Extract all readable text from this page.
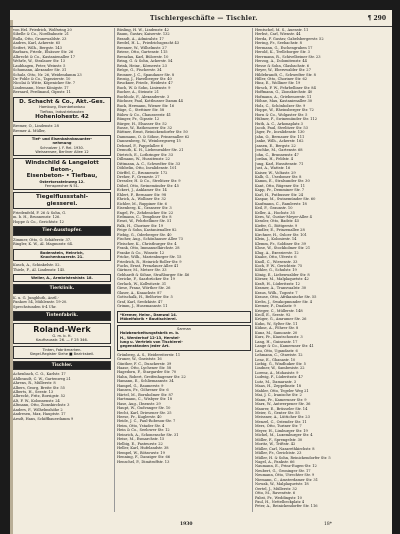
Tischlergeschäfte — Tischler.	¶ 290
von Hel. Friedrich, Wolfsring 20
Sibelle & Co., Nordbahnstr. 21
Bulla, Otto, Grunewaldstr. 23
Andres, Karl, Ackerstr. 65
Seifert, Wilh., Bergstr. 143
Barbara, Friedr., Elsässer Str. 26
Albrecht & Co., Kastanienallee 17
Wehrle, W., Stralauer Str. 13
Laubhagen, Peter, Weinstr. 5
Schumann, Alexander Str. 31
Schulz, Otto, Nr. 26, Weidendamm 23
Dr.-Pohle & Co., Tapezierstr. 10
Nicolai & Witte, Köpenicker Str. 7
Lindemann, Neue Königstr. 17
Bernard, Ferdinand, Gipsstr. 11
D. Schacht & Co., Akt.-Ges.
Hamburg, Eisenbetonbau
Tiefbau, Industriebauten
Hohenlohestr. 42
Bremer, O., Lindenstr. 28
Bremer A. Müller,
Tief- und Eisenbahnbauunter-
nehmung
Schnalzer J. F. Rei. 1930.
Weissensee, Berliner Allee 12
Windschild & Langelott
Beton-,
Eisenbeton- • Tiefbau,
Ostertorssteinweg 12.
Fernsprecher N 51.
Tiegelflussstahl-
giesserei.
Friedenfeld, F. 26 & Sohn, G.
m. b. H., Brunnenstr. 126.
Hoppe & Co., Gerichtstr. 12
Tier-Ausstopfer.
Zimmer, Otto, O. Schäferstr. 37.
Ringler, K. W., Al. Magnusstr. 64.
Bodenstein, Heinrich,
Knochenhauerstr. 21.
Kusch, A., Schinkelstr. 52.
Thiele, F., Al. Lindenstr. 145.
Weller, A., Armbristrahlstr. 18.
Tierklinik.
K. u. G. Jungbluth, Ärztl.-
Pankow 54, Mühlenstr. 19-20.
Sprechstunden 8-4 Uhr.
Tintenfabrik.
Roland-Werk
G. m. b. H.
Kaufhausstr. 26. — F 25 346.
Tinten, Fabrikmarken.
Siegel-Register Siehe ■ Bezirksbeil.
Tischler.
Achenbach, C. O., Karlstr. 17
Ahlbrandt, C. W., Gartenweg 21
Ahrens, R., Müllerstr. 8
Albers, Georg, Breite Str. 55
Alberts, H., Seestr. 13
Albrecht, Fritz, Borsigstr. 52
Alt, F. W., Kolonnenstr. 24
Altmann, Otto, Zionskirchstr. 3
Anders, F., Wilhelmshöhe 2
Andresen, Max, Hauptstr. 17
Arndt, Hans, Schiffbauerdamm 9
Büsling, H. W., Lindenstr. 42
Baum, Gustav, Kaiserstr. 132
Brandt, A., Admiralstr. 17
Bredel, H. L., Friedrichsgracht 43
Brenner, W., Wilhelmstr. 27
Briese, Otto, Gartenstr. 115
Brenzlau, Karl, Bülowstr. 10
Bring, G. & Sohn, Ackerstr. 54
Brink, Heinr., Körnerstr. 23
Bröge, G., Fischerstr. 34
Bronner, J. C., Spandauer Str. 8
Brosig, J., Havelberger Str. 40
Bruckner, Friedr., Heidestr. 47
Buch, W. & Sohn, Linienstr. 9
Bucher, A., Steinstr. 21
Buchholz, F., Alexanderstr. 3
Büchner, Paul, Kottbusser Damm 44
Buck, Hermann, Wiener Str. 16
Büge, C., Stettiner Str. 58
Bülow & Co., Chausseestr. 41
Bünger, Fr., Gipsstr. 12
Bürger, H., Elsasser Str. 52
Busse, W., Rathenower Str. 32
Büttner, Ernst, Reinickendorfer Str. 50
Dammann, O. & Söhne, Prinzenallee 62
Dannenberg, W., Weinbergsweg 15
Dehmel, F., Pappelallee 6
Demuth, K. H., Liebenwalder Str. 21
Dietrich, E., Lothringer Str. 33
Dillmann, W., Hussitenstr. 22
Dittmann, A. C., Schwedter Str. 33
Döbbelin, Otto, Invalidenstr. 101
Dörffel, C., Brunnenstr. 172
Dreher, F., Grenzstr. 27
Dressler, H. & Co., Strelitzer Str. 9
Dübel, Otto, Swinemünder Str. 45
Eckert, J., Anklamer Str. 14
Ehlert, P., Bernauer Str. 98
Ehrich, A., Wolliner Str. 32
Eichler, M., Ruppiner Str. 6
Eisenberg, K., Granseer Str. 3
Engel, Fr., Zehdenicker Str. 22
Erdmann, C., Templiner Str. 8
Ernst, W., Fehrbelliner Str. 51
Falk, H., Choriner Str. 19
Feige & Sohn, Kastanienallee 82
Fiebig, G., Oderberger Str. 40
Fischer, Aug., Schönhauser Allee 73
Fleischer, K., Christburger Str. 4
Frank, Otto, Immanuelkirchstr. 28
Franke & Co., Winsstr. 12
Fricke, Wilh., Marienburger Str. 15
Friedrich, R., Heinrich-Roller-Str. 9
Fuchs, Ernst, Prenzlauer Allee 41
Gärtner, M., Metzer Str. 33
Gebhardt & Söhne, Straßburger Str. 46
Gericke, F., Saarbrücker Str. 19
Gerlach, W., Kollwitzstr. 31
Giese, Franz, Wörther Str. 26
Glaser, A., Knaackstr. 87
Gottschalk, H., Belforter Str. 5
Graf, Karl, Sredzkistr. 47
Grimm, J., Husemannstr. 11
*Kremer, Heinr., Damwal 14.
Möbelfabrik • Bautischlerei.
Sarman
Holzbearbeitungsfabrik m. b.
H., Werderhof 12-13, Herstel-
lung u. Vertrieb von Tischlerei-
gegenständen jeder Art.
Grünberg, A. S., Heidereiterstr. 11
Gruner, W., Gneiststr. 16
Günther, F. C., Dunckerstr. 39
Haase, Otto, Lychener Str. 58
Hagedorn, F., Stargarder Str. 70
Hahn, Robert, Greifenhagener Str. 22
Hamann, E., Schliemannstr. 34
Hampel, G., Raumerstr. 9
Hansen, Fr., Göhrener Str. 6
Härtel, M., Bornholmer Str. 87
Hartmann, C., Wisbyer Str. 18
Hase, Aug., Ibsenstr. 29
Haupt, W., Gudvanger Str. 10
Hecht, Karl, Driesener Str. 25
Heese, Fr., Kuglerstr. 40
Heide, J. C., Paul-Robeson-Str. 7
Heim, Otto, Ystader Str. 4
Hein & Co., Seelower Str. 12
Heinrich, A., Schonensche Str. 31
Heise, M., Esmarchstr. 15
Helbig, E., Pasteurstr. 22
Heller, Karl, Hufelandstr. 38
Hempel, W., Bötzowstr. 19
Henning, F., Danziger Str. 66
Henschel, P., Dimitroffstr. 13
Hentschel, M. S., Auenstr. 11
Herbst, Carl, Wienstr. 44
Herda, F. Gustav, Gabelsbergerstr. 52
Hering, Fr., Seebachstr. 8
Hermann, G., Eschengraben 17
Herold, K., Trelleborger Str. 3
Herrmann, R., Schivelbeiner Str. 23
Herzog, A., Dolomitenstr. 44
Hesse & Sohn, Glasbachstr. 6
Heyer, W., Eberswalder Str. 27
Hildebrandt, C., Schwedter Str. 8
Hiller, Otto, Choriner Str. 62
Hinz, E., Wolliner Str. 19
Hirsch, F. W., Fehrbelliner Str. 84
Hoffmann, G., Zionskirchstr. 40
Hofmann, A., Griebenowstr. 11
Höhne, Max, Kastanienallee 30
Holz, C., Schönholzer Str. 9
Hoppe, W., Rheinsberger Str. 72
Horn & Co., Wolgaster Str. 5
Hübner, F., Swinemünder Str. 112
Huth, A. C., Arkonaplatz 3
Jacob, Paul, Strelitzer Str. 53
Jäger, Fr., Invalidenstr. 130
Jahn, O., Bernauer Str. 111
Janke, Wilh., Ackerstr. 162
Jansen, E., Bergstr. 22
Jeschke, M., Gartenstr. 68
John, C., Brunnenstr. 47
Jordan, H., Feldstr. 4
Jung, Karl, Hussitenstr. 71
Just, A., Wattstr. 16
Kaiser, W., Voltastr. 29
Kalb, G., Usedomer Str. 8
Kamm, E., Stralsunder Str. 30
Kant, Otto, Rügener Str. 11
Kapp, Fr., Demminer Str. 7
Karl, H., Putbusser Str. 24
Kaspar, M., Swinemünder Str. 60
Kaufmann, C., Ramlerstr. 18
Keil, F., Graunstr. 10
Keller, A., Hochstr. 35
Kern, W., Gustav-Meyer-Allee 4
Kessler, Otto, Badstr. 45
Kiefer, G., Böttgerstr. 9
Kindler, E., Prinzenallee 28
Kirchner, H., Osloer Str. 101
Klein, J., Koloniestr. 14
Klemm, Fr., Soldiner Str. 39
Klose, W., Stockholmer Str. 21
Klug, A., Exerzierstr. 12
Knabe, Otto, Uferstr. 6
Knoll, C., Wiesenstr. 33
Koch, F. W., Gerichtstr. 75
Köhler, G., Schulstr. 19
König, E., Liebenwalder Str. 8
Körner, M., Malplaquetstr. 42
Kraft, H., Lüderitzstr. 12
Kramer, A., Transvaalstr. 30
Kraus, Wilh., Togostr. 7
Krause, Otto, Afrikanische Str. 55
Krebs, J., Swakopmunder Str. 4
Kremer, F., Dualastr. 9
Krieger, C., Müllerstr. 148
Kroll, E., Seestr. 92
Krüger, G., Amrumer Str. 26
Kuhn, W., Sylter Str. 11
Kühne, A., Föhrer Str. 8
Kunz, M., Samoastr. 20
Kurz, Fr., Kiautschoustr. 3
Lang, H., Guineastr. 17
Lange & Co., Kameruner Str. 41
Lau, Otto, Ugandastr. 6
Lehmann, C., Otawistr. 12
Lenz, E., Ghanastr. 10
Liebig, G., Windhuker Str. 5
Lindner, W., Sambesistr. 22
Lorenz, A., Mohasistr. 9
Ludwig, F., Lüderitzstr. 47
Lutz, M., Damarastr. 3
Maas, H., Zeppelinstr. 18
Mahler, Otto, Tegeler Weg 21
Mai, J. C., Iranische Str. 2
Mann, Fr., Kameruner Str. 9
Marx, W., Antwerpener Str. 36
Maurer, E., Brüsseler Str. 14
Meier, G., Genter Str. 55
Meissner, A., Lütticher Str. 23
Menzel, C., Ostender Str. 11
Merz, Otto, Turiner Str. 7
Meyer, H., Limburger Str. 19
Michel, M., Luxemburger Str. 4
Möller, F., Sprengelstr. 30
Moritz, W., Triftstr. 42
Müller, Carl, Nazarethkirchstr. 8
Müller, Fr., Gerichtstr. 23
Müller, H. & Sohn, Reinickendorfer Str. 5
Nagel, A., Pankstr. 66
Naumann, E., Prinz-Eugen-Str. 12
Neubert, G., Groninger Str. 17
Neumann, Otto, Utrechter Str. 9
Niemann, C., Amsterdamer Str. 31
Nowak, W., Malplaquetstr. 18
Oertel, J., Müllerstr. 32
Otto, M., Ravenéstr. 6
Pabst, Fr., Weddingstr. 10
Paul, H., Nettelbeckplatz 4
Peter, A., Reinickendorfer Str. 116
1930	18*
